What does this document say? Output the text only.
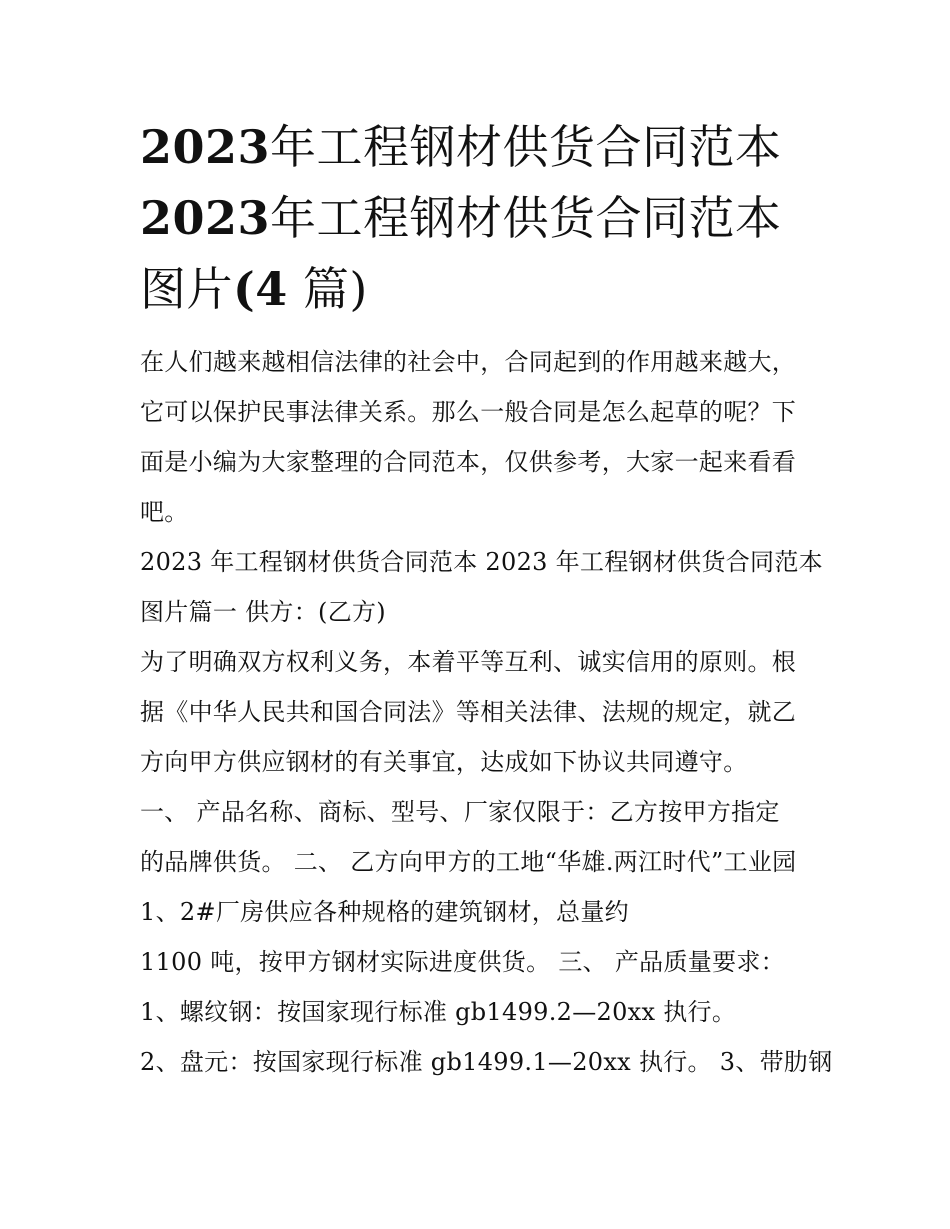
2023年工程钢材供货合同范本
2023年工程钢材供货合同范本
图片(4 篇)
在人们越来越相信法律的社会中，合同起到的作用越来越大，
它可以保护民事法律关系。那么一般合同是怎么起草的呢？下
面是小编为大家整理的合同范本，仅供参考，大家一起来看看
吧。
2023 年工程钢材供货合同范本 2023 年工程钢材供货合同范本
图片篇一 供方：(乙方)
为了明确双方权利义务，本着平等互利、诚实信用的原则。根
据《中华人民共和国合同法》等相关法律、法规的规定，就乙
方向甲方供应钢材的有关事宜，达成如下协议共同遵守。
一、 产品名称、商标、型号、厂家仅限于：乙方按甲方指定
的品牌供货。 二、 乙方向甲方的工地“华雄.两江时代”工业园
1、2#厂房供应各种规格的建筑钢材，总量约
1100 吨，按甲方钢材实际进度供货。 三、 产品质量要求：
1、螺纹钢：按国家现行标准 gb1499.2—20xx 执行。
2、盘元：按国家现行标准 gb1499.1—20xx 执行。 3、带肋钢
